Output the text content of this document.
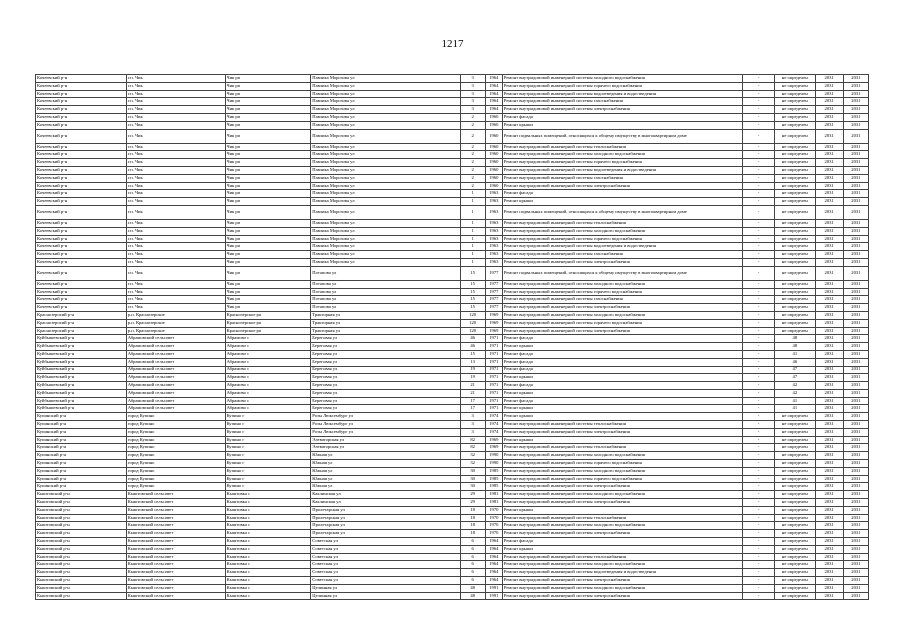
1217
Кочеевский р-н	г.п. Чик	Чик рп	Павлика Морозова ул	3	1964	Ремонт внутридомовой инженерной системы холодного водоснабжения	-	не определен	2031	2031
Кочеевский р-н	г.п. Чик	Чик рп	Павлика Морозова ул	3	1964	Ремонт внутридомовой инженерной системы горячего водоснабжения	-	не определен	2031	2031
Кочеевский р-н	г.п. Чик	Чик рп	Павлика Морозова ул	3	1964	Ремонт внутридомовой инженерной системы водоотведения и водостведения	-	не определен	2031	2031
Кочеевский р-н	г.п. Чик	Чик рп	Павлика Морозова ул	3	1964	Ремонт внутридомовой инженерной системы газоснабжения	-	не определен	2031	2031
Кочеевский р-н	г.п. Чик	Чик рп	Павлика Морозова ул	3	1964	Ремонт внутридомовой инженерной системы электроснабжения	-	не определен	2031	2031
Кочеевский р-н	г.п. Чик	Чик рп	Павлика Морозова ул	2	1960	Ремонт фасада	-	не определен	2031	2031
Кочеевский р-н	г.п. Чик	Чик рп	Павлика Морозова ул	2	1960	Ремонт крыши	-	не определен	2031	2031
Кочеевский р-н	г.п. Чик	Чик рп	Павлика Морозова ул	2	1960	Ремонт подвальных помещений, относящихся к общему имуществу в многоквартирном доме	-	не определен	2031	2031
Кочеевский р-н	г.п. Чик	Чик рп	Павлика Морозова ул	2	1960	Ремонт внутридомовой инженерной системы теплоснабжения	-	не определен	2031	2031
Кочеевский р-н	г.п. Чик	Чик рп	Павлика Морозова ул	2	1960	Ремонт внутридомовой инженерной системы холодного водоснабжения	-	не определен	2031	2031
Кочеевский р-н	г.п. Чик	Чик рп	Павлика Морозова ул	2	1960	Ремонт внутридомовой инженерной системы горячего водоснабжения	-	не определен	2031	2031
Кочеевский р-н	г.п. Чик	Чик рп	Павлика Морозова ул	2	1960	Ремонт внутридомовой инженерной системы водоотведения и водостведения	-	не определен	2031	2031
Кочеевский р-н	г.п. Чик	Чик рп	Павлика Морозова ул	2	1960	Ремонт внутридомовой инженерной системы газоснабжения	-	не определен	2031	2031
Кочеевский р-н	г.п. Чик	Чик рп	Павлика Морозова ул	2	1960	Ремонт внутридомовой инженерной системы электроснабжения	-	не определен	2031	2031
Кочеевский р-н	г.п. Чик	Чик рп	Павлика Морозова ул	1	1963	Ремонт фасада	-	не определен	2031	2031
Кочеевский р-н	г.п. Чик	Чик рп	Павлика Морозова ул	1	1963	Ремонт крыши	-	не определен	2031	2031
Кочеевский р-н	г.п. Чик	Чик рп	Павлика Морозова ул	1	1963	Ремонт подвальных помещений, относящихся к общему имуществу в многоквартирном доме	-	не определен	2031	2031
Кочеевский р-н	г.п. Чик	Чик рп	Павлика Морозова ул	1	1963	Ремонт внутридомовой инженерной системы теплоснабжения	-	не определен	2031	2031
Кочеевский р-н	г.п. Чик	Чик рп	Павлика Морозова ул	1	1963	Ремонт внутридомовой инженерной системы холодного водоснабжения	-	не определен	2031	2031
Кочеевский р-н	г.п. Чик	Чик рп	Павлика Морозова ул	1	1963	Ремонт внутридомовой инженерной системы горячего водоснабжения	-	не определен	2031	2031
Кочеевский р-н	г.п. Чик	Чик рп	Павлика Морозова ул	1	1963	Ремонт внутридомовой инженерной системы водоотведения и водостведения	-	не определен	2031	2031
Кочеевский р-н	г.п. Чик	Чик рп	Павлика Морозова ул	1	1963	Ремонт внутридомовой инженерной системы газоснабжения	-	не определен	2031	2031
Кочеевский р-н	г.п. Чик	Чик рп	Павлика Морозова ул	1	1963	Ремонт внутридомовой инженерной системы электроснабжения	-	не определен	2031	2031
Кочеевский р-н	г.п. Чик	Чик рп	Потапова ул	15	1977	Ремонт подвальных помещений, относящихся к общему имуществу в многоквартирном доме	-	не определен	2031	2031
Кочеевский р-н	г.п. Чик	Чик рп	Потапова ул	15	1977	Ремонт внутридомовой инженерной системы холодного водоснабжения	-	не определен	2031	2031
Кочеевский р-н	г.п. Чик	Чик рп	Потапова ул	15	1977	Ремонт внутридомовой инженерной системы горячего водоснабжения	-	не определен	2031	2031
Кочеевский р-н	г.п. Чик	Чик рп	Потапова ул	15	1977	Ремонт внутридомовой инженерной системы газоснабжения	-	не определен	2031	2031
Кочеевский р-н	г.п. Чик	Чик рп	Потапова ул	15	1977	Ремонт внутридомовой инженерной системы электроснабжения	-	не определен	2031	2031
Краснозерский р-н	р.п. Краснозерское	Краснозерское рп	Тракторная ул	120	1969	Ремонт внутридомовой инженерной системы холодного водоснабжения	-	не определен	2031	2031
Краснозерский р-н	р.п. Краснозерское	Краснозерское рп	Тракторная ул	120	1969	Ремонт внутридомовой инженерной системы горячего водоснабжения	-	не определен	2031	2031
Краснозерский р-н	р.п. Краснозерское	Краснозерское рп	Тракторная ул	120	1969	Ремонт внутридомовой инженерной системы электроснабжения	-	не определен	2031	2031
Куйбышевский р-н	Абрамовский сельсовет	Абрамово с	Береговая ул	46	1971	Ремонт фасада	-	48	2031	2031
Куйбышевский р-н	Абрамовский сельсовет	Абрамово с	Береговая ул	46	1971	Ремонт крыши	-	48	2031	2031
Куйбышевский р-н	Абрамовский сельсовет	Абрамово с	Береговая ул	15	1971	Ремонт фасада	-	41	2031	2031
Куйбышевский р-н	Абрамовский сельсовет	Абрамово с	Береговая ул	13	1971	Ремонт фасада	-	46	2031	2031
Куйбышевский р-н	Абрамовский сельсовет	Абрамово с	Береговая ул	19	1971	Ремонт фасада	-	47	2031	2031
Куйбышевский р-н	Абрамовский сельсовет	Абрамово с	Береговая ул	19	1971	Ремонт крыши	-	47	2031	2031
Куйбышевский р-н	Абрамовский сельсовет	Абрамово с	Береговая ул	21	1971	Ремонт фасада	-	42	2031	2031
Куйбышевский р-н	Абрамовский сельсовет	Абрамово с	Береговая ул	21	1971	Ремонт крыши	-	42	2031	2031
Куйбышевский р-н	Абрамовский сельсовет	Абрамово с	Береговая ул	17	1971	Ремонт фасада	-	41	2031	2031
Куйбышевский р-н	Абрамовский сельсовет	Абрамово с	Береговая ул	17	1971	Ремонт крыши	-	41	2031	2031
Купинский р-н	город Купино	Купино г	Розы Люксембург ул	3	1974	Ремонт крыши	-	не определен	2031	2031
Купинский р-н	город Купино	Купино г	Розы Люксембург ул	3	1974	Ремонт внутридомовой инженерной системы теплоснабжения	-	не определен	2031	2031
Купинский р-н	город Купино	Купино г	Розы Люксембург ул	3	1974	Ремонт внутридомовой инженерной системы электроснабжения	-	не определен	2031	2031
Купинский р-н	город Купино	Купино г	Элеваторская ул	82	1969	Ремонт крыши	-	не определен	2031	2031
Купинский р-н	город Купино	Купино г	Элеваторская ул	82	1969	Ремонт внутридомовой инженерной системы теплоснабжения	-	не определен	2031	2031
Купинский р-н	город Купино	Купино г	Южная ул	32	1990	Ремонт внутридомовой инженерной системы холодного водоснабжения	-	не определен	2031	2031
Купинский р-н	город Купино	Купино г	Южная ул	32	1990	Ремонт внутридомовой инженерной системы горячего водоснабжения	-	не определен	2031	2031
Купинский р-н	город Купино	Купино г	Южная ул	30	1985	Ремонт внутридомовой инженерной системы холодного водоснабжения	-	не определен	2031	2031
Купинский р-н	город Купино	Купино г	Южная ул	30	1985	Ремонт внутридомовой инженерной системы горячего водоснабжения	-	не определен	2031	2031
Купинский р-н	город Купино	Купино г	Южная ул	30	1985	Ремонт внутридомовой инженерной системы электроснабжения	-	не определен	2031	2031
Кыштовский р-н	Кыштовский сельсовет	Кыштовка с	Каклинская ул	29	1981	Ремонт внутридомовой инженерной системы холодного водоснабжения	-	не определен	2031	2031
Кыштовский р-н	Кыштовский сельсовет	Кыштовка с	Каклинская ул	29	1981	Ремонт внутридомовой инженерной системы электроснабжения	-	не определен	2031	2031
Кыштовский р-н	Кыштовский сельсовет	Кыштовка с	Пролетарская ул	18	1970	Ремонт крыши	-	не определен	2031	2031
Кыштовский р-н	Кыштовский сельсовет	Кыштовка с	Пролетарская ул	18	1970	Ремонт внутридомовой инженерной системы теплоснабжения	-	не определен	2031	2031
Кыштовский р-н	Кыштовский сельсовет	Кыштовка с	Пролетарская ул	18	1970	Ремонт внутридомовой инженерной системы холодного водоснабжения	-	не определен	2031	2031
Кыштовский р-н	Кыштовский сельсовет	Кыштовка с	Пролетарская ул	18	1970	Ремонт внутридомовой инженерной системы электроснабжения	-	не определен	2031	2031
Кыштовский р-н	Кыштовский сельсовет	Кыштовка с	Советская ул	6	1964	Ремонт фасада	-	не определен	2031	2031
Кыштовский р-н	Кыштовский сельсовет	Кыштовка с	Советская ул	6	1964	Ремонт крыши	-	не определен	2031	2031
Кыштовский р-н	Кыштовский сельсовет	Кыштовка с	Советская ул	6	1964	Ремонт внутридомовой инженерной системы теплоснабжения	-	не определен	2031	2031
Кыштовский р-н	Кыштовский сельсовет	Кыштовка с	Советская ул	6	1964	Ремонт внутридомовой инженерной системы холодного водоснабжения	-	не определен	2031	2031
Кыштовский р-н	Кыштовский сельсовет	Кыштовка с	Советская ул	6	1964	Ремонт внутридомовой инженерной системы водоотведения и водостведения	-	не определен	2031	2031
Кыштовский р-н	Кыштовский сельсовет	Кыштовка с	Советская ул	6	1964	Ремонт внутридомовой инженерной системы электроснабжения	-	не определен	2031	2031
Кыштовский р-н	Кыштовский сельсовет	Кыштовка с	Целинная ул	48	1991	Ремонт внутридомовой инженерной системы холодного водоснабжения	-	не определен	2031	2031
Кыштовский р-н	Кыштовский сельсовет	Кыштовка с	Целинная ул	48	1991	Ремонт внутридомовой инженерной системы электроснабжения	-	не определен	2031	2031
